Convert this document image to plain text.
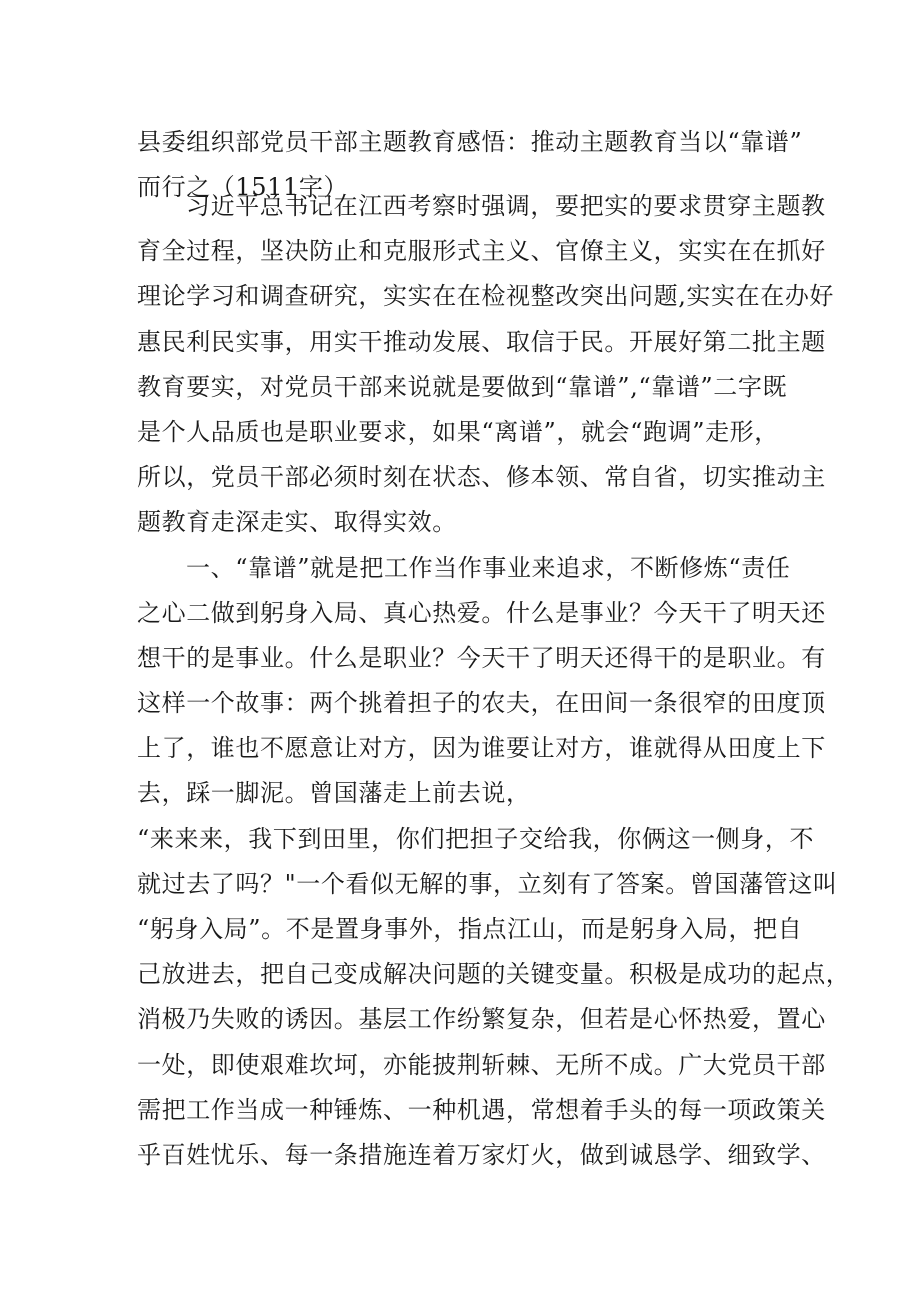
县委组织部党员干部主题教育感悟：推动主题教育当以“靠谱”
而行之（1511字）
习近平总书记在江西考察时强调，要把实的要求贯穿主题教
育全过程，坚决防止和克服形式主义、官僚主义，实实在在抓好
理论学习和调查研究，实实在在检视整改突出问题,实实在在办好
惠民利民实事，用实干推动发展、取信于民。开展好第二批主题
教育要实，对党员干部来说就是要做到“靠谱”,“靠谱”二字既
是个人品质也是职业要求，如果“离谱”，就会“跑调”走形，
所以，党员干部必须时刻在状态、修本领、常自省，切实推动主
题教育走深走实、取得实效。
一、“靠谱”就是把工作当作事业来追求，不断修炼“责任
之心二做到躬身入局、真心热爱。什么是事业？今天干了明天还
想干的是事业。什么是职业？今天干了明天还得干的是职业。有
这样一个故事：两个挑着担子的农夫，在田间一条很窄的田度顶
上了，谁也不愿意让对方，因为谁要让对方，谁就得从田度上下
去，踩一脚泥。曾国藩走上前去说，
“来来来，我下到田里，你们把担子交给我，你俩这一侧身，不
就过去了吗？"一个看似无解的事，立刻有了答案。曾国藩管这叫
“躬身入局”。不是置身事外，指点江山，而是躬身入局，把自
己放进去，把自己变成解决问题的关键变量。积极是成功的起点，
消极乃失败的诱因。基层工作纷繁复杂，但若是心怀热爱，置心
一处，即使艰难坎坷，亦能披荆斩棘、无所不成。广大党员干部
需把工作当成一种锤炼、一种机遇，常想着手头的每一项政策关
乎百姓忧乐、每一条措施连着万家灯火，做到诚恳学、细致学、
